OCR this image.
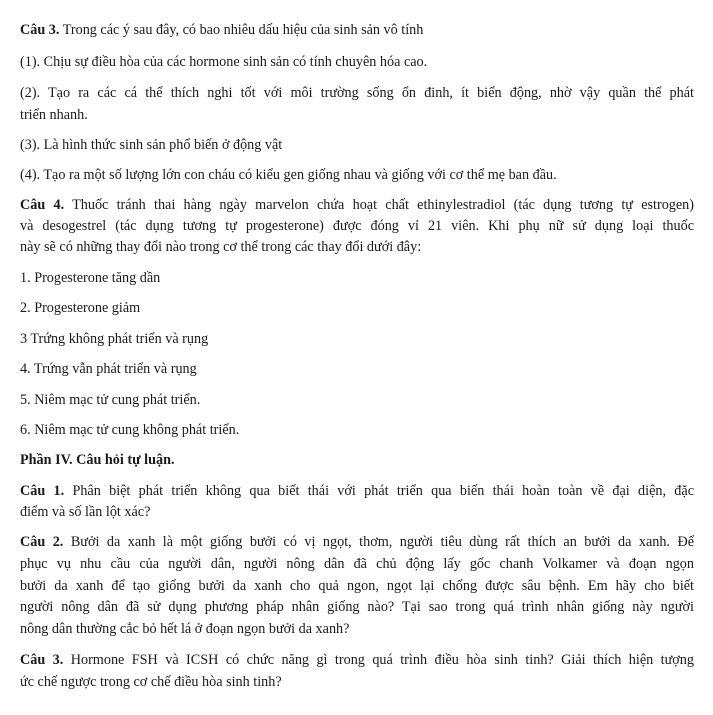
Câu 3. Trong các ý sau đây, có bao nhiêu dấu hiệu của sinh sản vô tính
(1). Chịu sự điều hòa của các hormone sinh sản có tính chuyên hóa cao.
(2). Tạo ra các cá thể thích nghi tốt với môi trường sống ổn đinh, ít biến động, nhờ vậy quần thể phát
triển nhanh.
(3). Là hình thức sinh sản phổ biến ở động vật
(4). Tạo ra một số lượng lớn con cháu có kiểu gen giống nhau và giống với cơ thể mẹ ban đầu.
Câu 4. Thuốc tránh thai hàng ngày marvelon chứa hoạt chất ethinylestradiol (tác dụng tương tự estrogen)
và desogestrel (tác dụng tương tự progesterone) được đóng vỉ 21 viên. Khi phụ nữ sử dụng loại thuốc
này sẽ có những thay đổi nào trong cơ thể trong các thay đổi dưới đây:
1. Progesterone tăng dần
2. Progesterone giảm
3 Trứng không phát triển và rụng
4. Trứng vẫn phát triển và rụng
5. Niêm mạc tử cung phát triển.
6. Niêm mạc tử cung không phát triển.
Phần IV. Câu hỏi tự luận.
Câu 1. Phân biệt phát triển không qua biết thái với phát triển qua biến thái hoàn toàn về đại diện, đặc
điểm và số lần lột xác?
Câu 2. Bưởi da xanh là một giống bưởi có vị ngọt, thơm, người tiêu dùng rất thích an bưởi da xanh. Để
phục vụ nhu cầu của người dân, người nông dân đã chủ động lấy gốc chanh Volkamer và đoạn ngọn
bưởi da xanh để tạo giống bưởi da xanh cho quả ngon, ngọt lại chống được sâu bệnh. Em hãy cho biết
người nông dân đã sử dụng phương pháp nhân giống nào? Tại sao trong quá trình nhân giống này người
nông dân thường cắc bỏ hết lá ở đoạn ngọn bưởi da xanh?
Câu 3. Hormone FSH và ICSH có chức năng gì trong quá trình điều hòa sinh tinh? Giải thích hiện tượng
ức chế ngược trong cơ chế điều hòa sinh tinh?
